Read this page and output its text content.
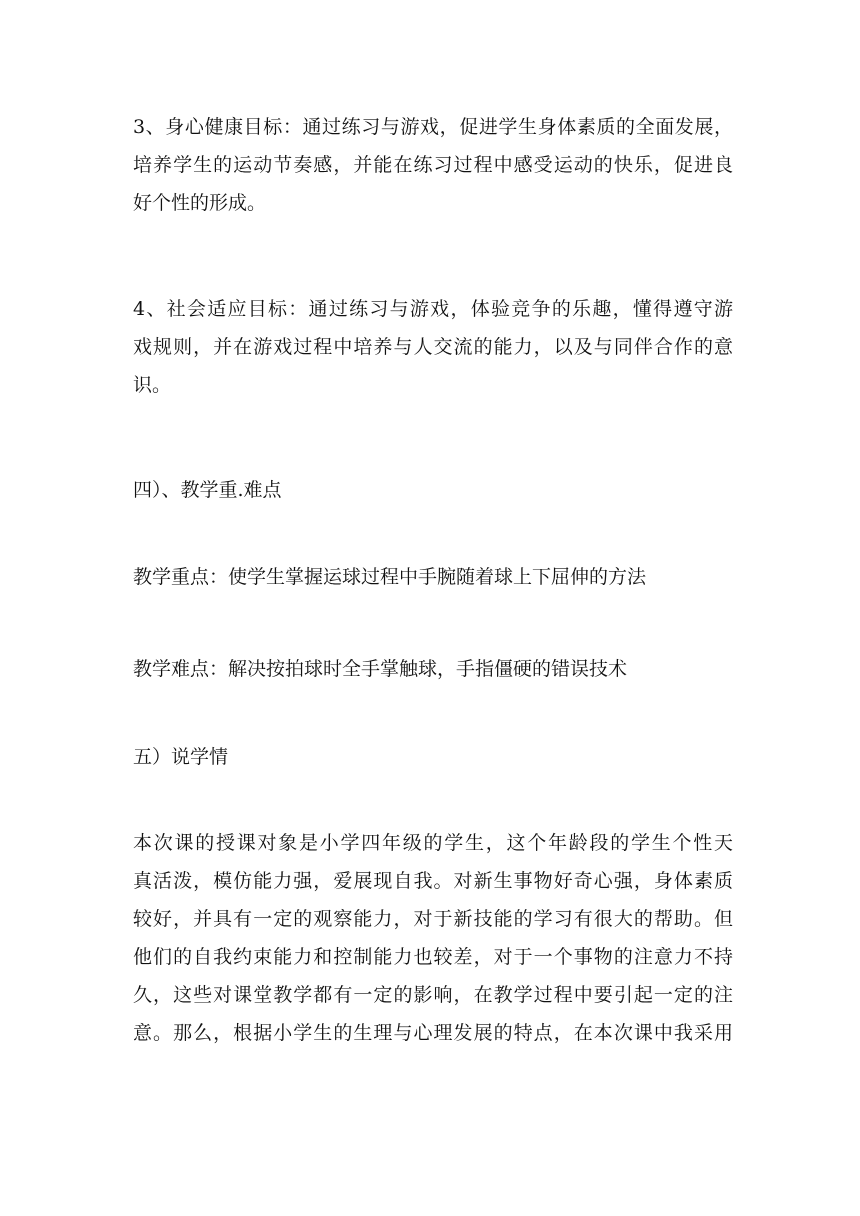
3、身心健康目标：通过练习与游戏，促进学生身体素质的全面发展，
培养学生的运动节奏感，并能在练习过程中感受运动的快乐，促进良
好个性的形成。
4、社会适应目标：通过练习与游戏，体验竞争的乐趣，懂得遵守游
戏规则，并在游戏过程中培养与人交流的能力，以及与同伴合作的意
识。
四）、教学重.难点
教学重点：使学生掌握运球过程中手腕随着球上下屈伸的方法
教学难点：解决按拍球时全手掌触球，手指僵硬的错误技术
五）说学情
本次课的授课对象是小学四年级的学生，这个年龄段的学生个性天
真活泼，模仿能力强，爱展现自我。对新生事物好奇心强，身体素质
较好，并具有一定的观察能力，对于新技能的学习有很大的帮助。但
他们的自我约束能力和控制能力也较差，对于一个事物的注意力不持
久，这些对课堂教学都有一定的影响，在教学过程中要引起一定的注
意。那么，根据小学生的生理与心理发展的特点，在本次课中我采用
